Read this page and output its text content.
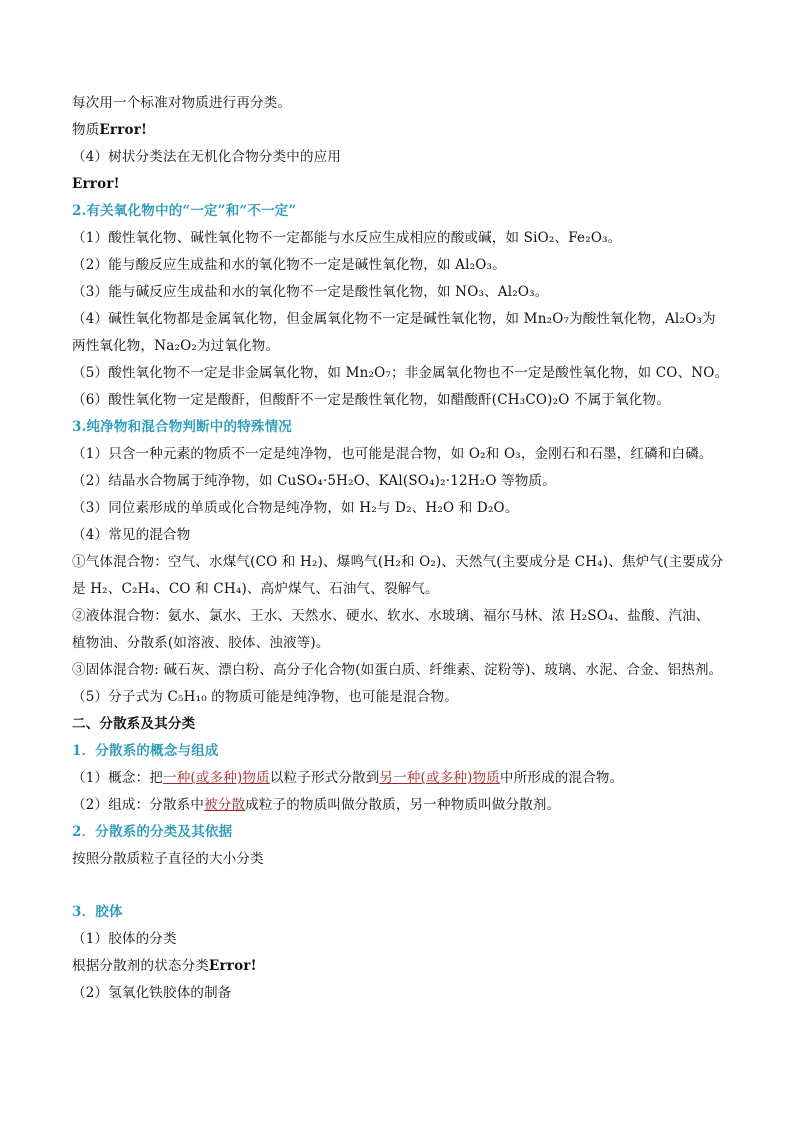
每次用一个标准对物质进行再分类。
物质Error!
（4）树状分类法在无机化合物分类中的应用
Error!
2.有关氧化物中的“一定”和“不一定”
（1）酸性氧化物、碱性氧化物不一定都能与水反应生成相应的酸或碱，如 SiO₂、Fe₂O₃。
（2）能与酸反应生成盐和水的氧化物不一定是碱性氧化物，如 Al₂O₃。
（3）能与碱反应生成盐和水的氧化物不一定是酸性氧化物，如 NO₃、Al₂O₃。
（4）碱性氧化物都是金属氧化物，但金属氧化物不一定是碱性氧化物，如 Mn₂O₇为酸性氧化物，Al₂O₃为
两性氧化物，Na₂O₂为过氧化物。
（5）酸性氧化物不一定是非金属氧化物，如 Mn₂O₇；非金属氧化物也不一定是酸性氧化物，如 CO、NO。
（6）酸性氧化物一定是酸酐，但酸酐不一定是酸性氧化物，如醋酸酐(CH₃CO)₂O 不属于氧化物。
3.纯净物和混合物判断中的特殊情况
（1）只含一种元素的物质不一定是纯净物，也可能是混合物，如 O₂和 O₃，金刚石和石墨，红磷和白磷。
（2）结晶水合物属于纯净物，如 CuSO₄·5H₂O、KAl(SO₄)₂·12H₂O 等物质。
（3）同位素形成的单质或化合物是纯净物，如 H₂与 D₂、H₂O 和 D₂O。
（4）常见的混合物
①气体混合物：空气、水煤气(CO 和 H₂)、爆鸣气(H₂和 O₂)、天然气(主要成分是 CH₄)、焦炉气(主要成分
是 H₂、C₂H₄、CO 和 CH₄)、高炉煤气、石油气、裂解气。
②液体混合物：氨水、氯水、王水、天然水、硬水、软水、水玻璃、福尔马林、浓 H₂SO₄、盐酸、汽油、
植物油、分散系(如溶液、胶体、浊液等)。
③固体混合物: 碱石灰、漂白粉、高分子化合物(如蛋白质、纤维素、淀粉等)、玻璃、水泥、合金、铝热剂。
（5）分子式为 C₅H₁₀ 的物质可能是纯净物，也可能是混合物。
二、分散系及其分类
1．分散系的概念与组成
（1）概念：把一种(或多种)物质以粒子形式分散到另一种(或多种)物质中所形成的混合物。
（2）组成：分散系中被分散成粒子的物质叫做分散质，另一种物质叫做分散剂。
2．分散系的分类及其依据
按照分散质粒子直径的大小分类
3．胶体
（1）胶体的分类
根据分散剂的状态分类Error!
（2）氢氧化铁胶体的制备
